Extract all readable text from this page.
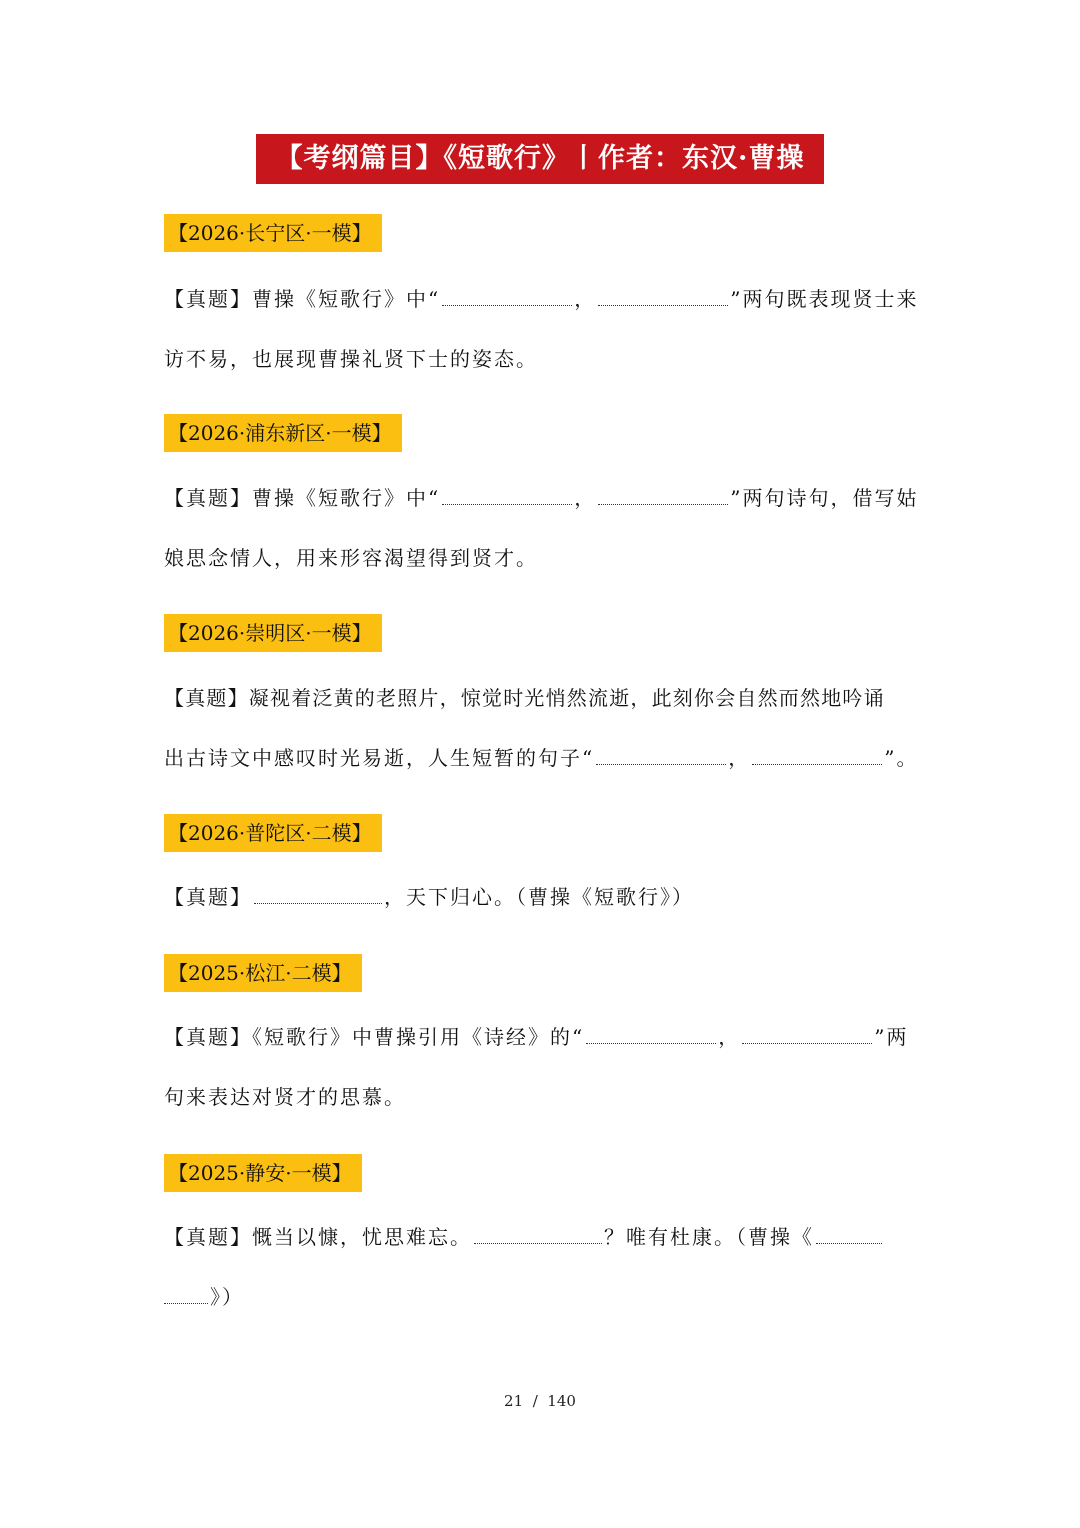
【考纲篇目】《短歌行》丨作者：东汉·曹操
【2026·长宁区·一模】
【真题】曹操《短歌行》中“	，	”两句既表现贤士来
访不易，也展现曹操礼贤下士的姿态。
【2026·浦东新区·一模】
【真题】曹操《短歌行》中“	，	”两句诗句，借写姑
娘思念情人，用来形容渴望得到贤才。
【2026·崇明区·一模】
【真题】凝视着泛黄的老照片，惊觉时光悄然流逝，此刻你会自然而然地吟诵
出古诗文中感叹时光易逝，人生短暂的句子“	，	”。
【2026·普陀区·二模】
【真题】	，天下归心。（曹操《短歌行》）
【2025·松江·二模】
【真题】《短歌行》中曹操引用《诗经》的“	，	”两
句来表达对贤才的思慕。
【2025·静安·一模】
【真题】慨当以慷，忧思难忘。	？唯有杜康。（曹操《
》）
21 / 140
